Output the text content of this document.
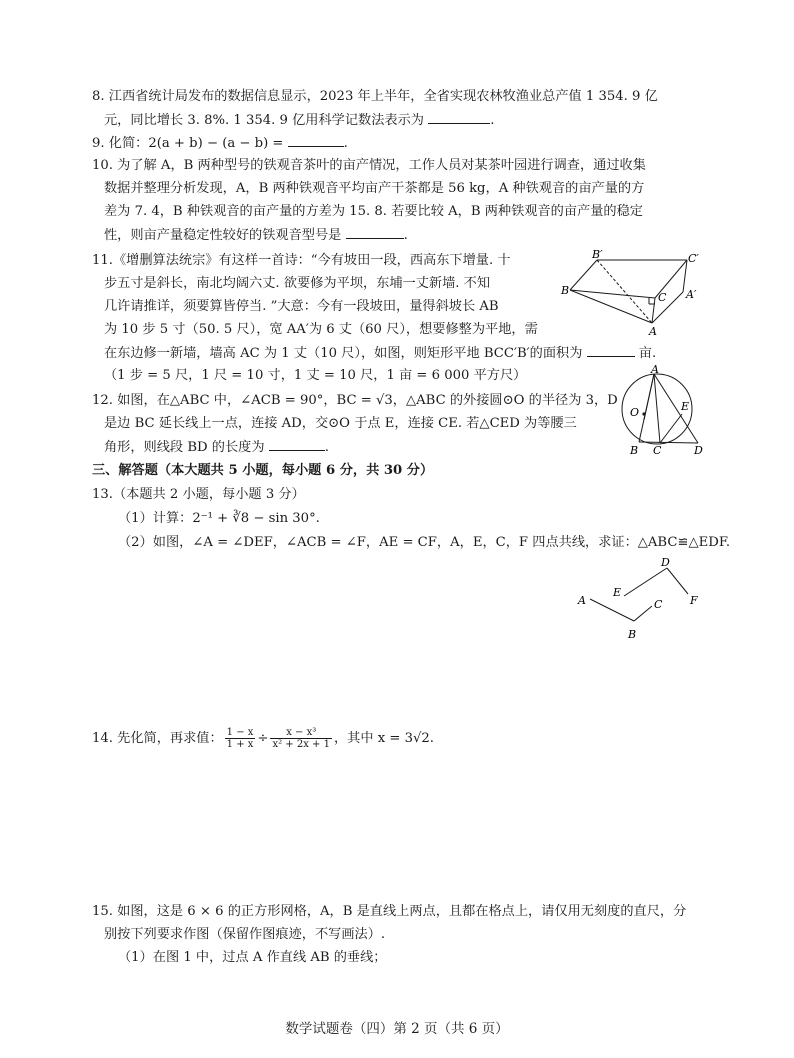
8. 江西省统计局发布的数据信息显示，2023 年上半年，全省实现农林牧渔业总产值 1 354. 9 亿
元，同比增长 3. 8%. 1 354. 9 亿用科学记数法表示为	.
9. 化简：2(a + b) − (a − b) =	.
10. 为了解 A，B 两种型号的铁观音茶叶的亩产情况，工作人员对某茶叶园进行调查，通过收集
数据并整理分析发现，A，B 两种铁观音平均亩产干茶都是 56 kg，A 种铁观音的亩产量的方
差为 7. 4，B 种铁观音的亩产量的方差为 15. 8. 若要比较 A，B 两种铁观音的亩产量的稳定
性，则亩产量稳定性较好的铁观音型号是	.
11.《增删算法统宗》有这样一首诗：“今有坡田一段，西高东下增量. 十
步五寸是斜长，南北均阔六丈. 欲要修为平坝，东埔一丈新墙. 不知
几许请推详，须要算皆停当. ”大意：今有一段坡田，量得斜坡长 AB
为 10 步 5 寸（50. 5 尺），宽 AA′为 6 丈（60 尺），想要修整为平地，需
在东边修一新墙，墙高 AC 为 1 丈（10 尺），如图，则矩形平地 BCC′B′的面积为	亩.
（1 步 = 5 尺，1 尺 = 10 寸，1 丈 = 10 尺，1 亩 = 6 000 平方尺）
B′	C′
B
C A′
A
12. 如图，在△ABC 中，∠ACB = 90°，BC = √3，△ABC 的外接圆⊙O 的半径为 3，D
是边 BC 延长线上一点，连接 AD，交⊙O 于点 E，连接 CE. 若△CED 为等腰三
角形，则线段 BD 的长度为	.
A
O	E
B C	D
三、解答题（本大题共 5 小题，每小题 6 分，共 30 分）
13.（本题共 2 小题，每小题 3 分）
（1）计算：2⁻¹ + ∛8 − sin 30°.
（2）如图，∠A = ∠DEF，∠ACB = ∠F，AE = CF，A，E，C，F 四点共线，求证：△ABC≌△EDF.
D
A
E
C	F
B
14. 先化简，再求值： $\frac{1 - x}{1 + x} \div \frac{\text{x − x³}}{\text{x² + 2x + 1}}$ ，其中 x = 3√2.
15. 如图，这是 6 × 6 的正方形网格，A，B 是直线上两点，且都在格点上，请仅用无刻度的直尺，分
别按下列要求作图（保留作图痕迹，不写画法）.
（1）在图 1 中，过点 A 作直线 AB 的垂线；
数学试题卷（四）第 2 页（共 6 页）
